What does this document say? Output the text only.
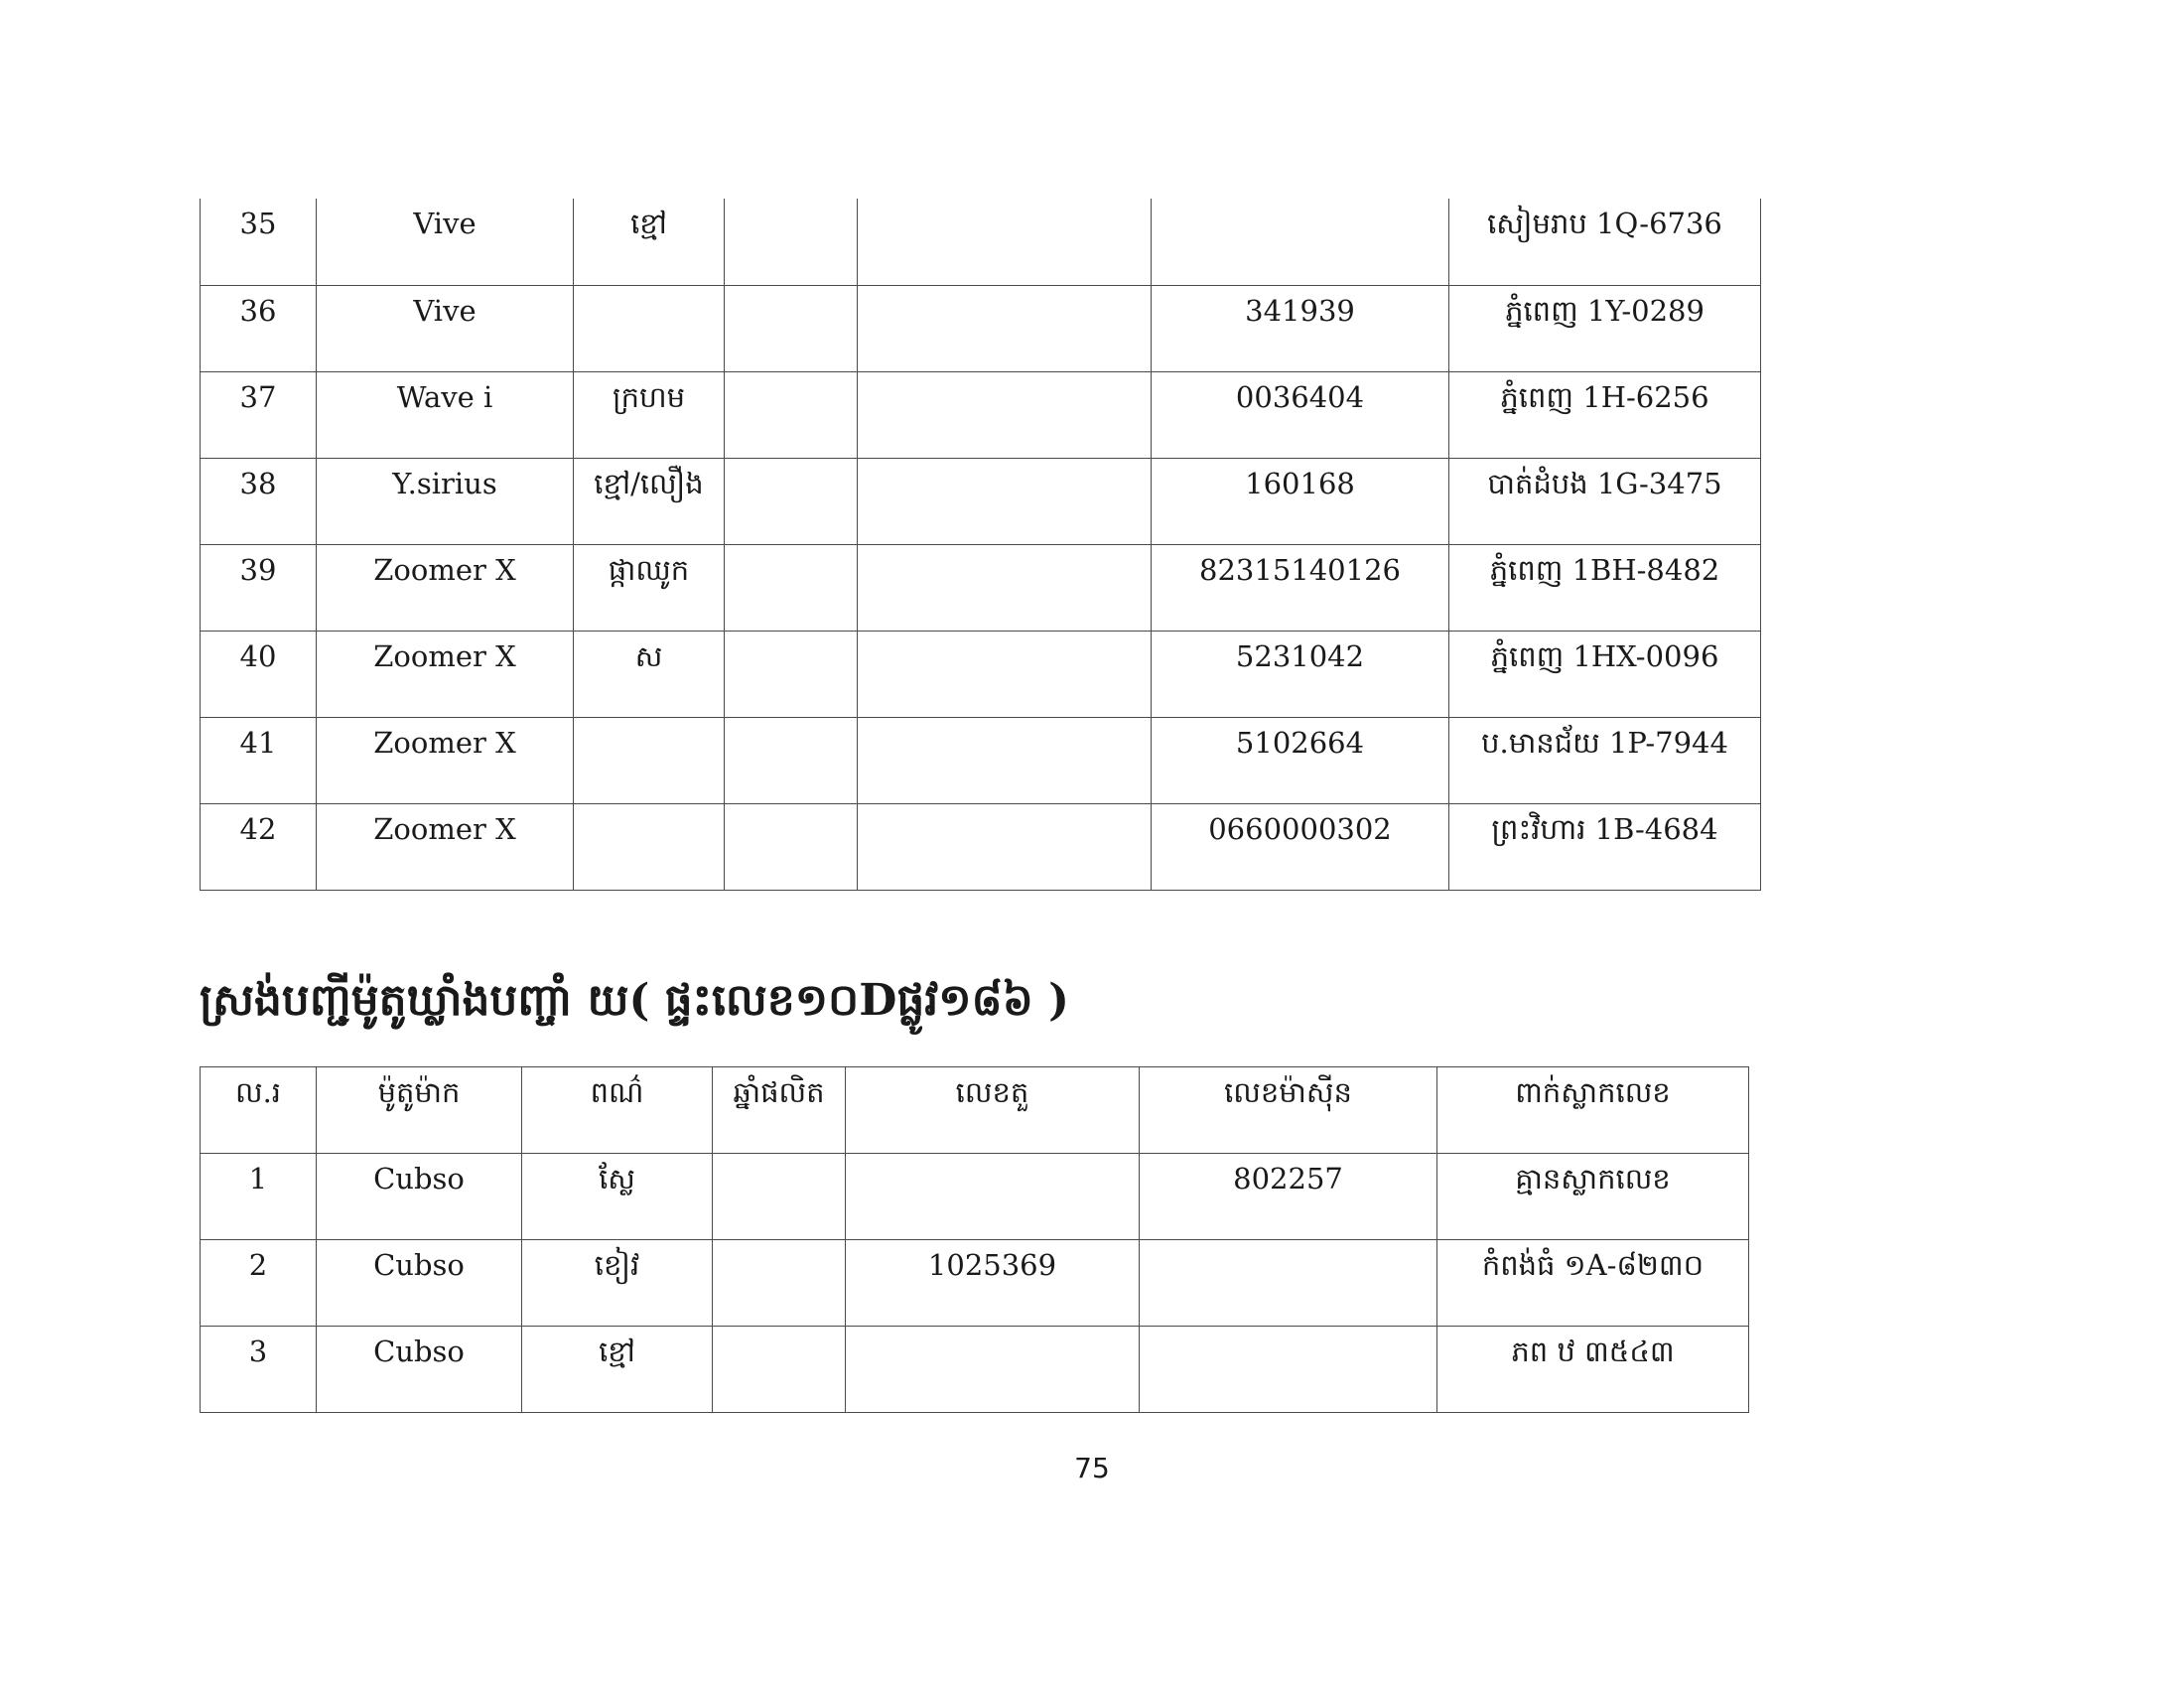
35	Vive	ខ្មៅ				សៀមរាប 1Q-6736
36	Vive				341939	ភ្នំពេញ 1Y-0289
37	Wave i	ក្រហម			0036404	ភ្នំពេញ 1H-6256
38	Y.sirius	ខ្មៅ/លឿង			160168	បាត់ដំបង 1G-3475
39	Zoomer X	ផ្កាឈូក			82315140126	ភ្នំពេញ 1BH-8482
40	Zoomer X	ស			5231042	ភ្នំពេញ 1HX-0096
41	Zoomer X				5102664	ប.មានជ័យ 1P-7944
42	Zoomer X				0660000302	ព្រះវិហារ 1B-4684
ស្រង់បញ្ជីម៉ូតូឃ្លាំងបញ្ចាំ យ( ផ្ទះលេខ១០Dផ្លូវ១៨៦ )
ល.រ	ម៉ូតូម៉ាក	ពណ៌	ឆ្នាំផលិត	លេខតួ	លេខម៉ាស៊ីន	ពាក់ស្លាកលេខ
1	Cubso	ស្លែ			802257	គ្មានស្លាកលេខ
2	Cubso	ខៀវ		1025369		កំពង់ធំ ១A-៨២៣០
3	Cubso	ខ្មៅ				ភព ឋ ៣៥៤៣
75
